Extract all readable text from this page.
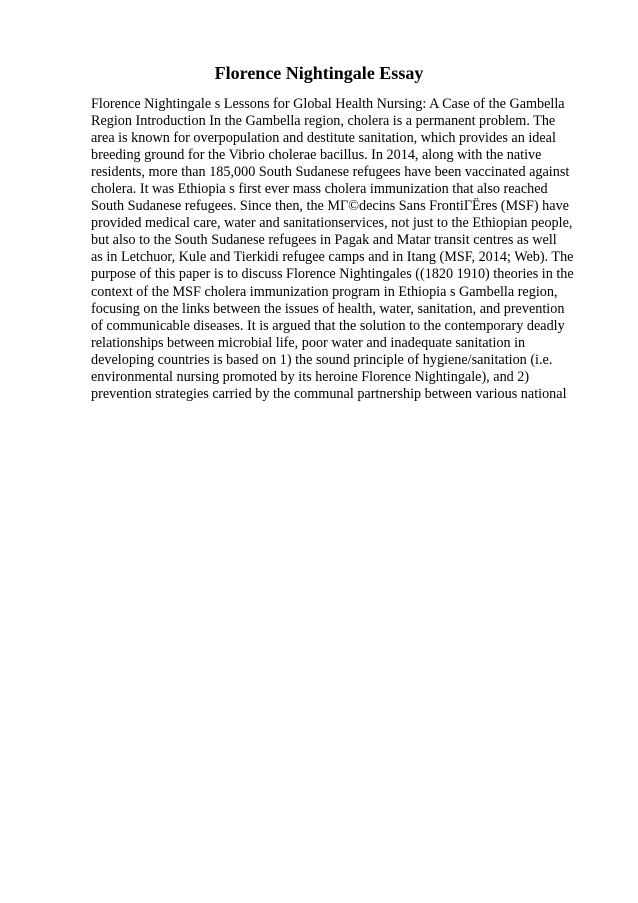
Florence Nightingale Essay
Florence Nightingale s Lessons for Global Health Nursing: A Case of the Gambella
Region Introduction In the Gambella region, cholera is a permanent problem. The
area is known for overpopulation and destitute sanitation, which provides an ideal
breeding ground for the Vibrio cholerae bacillus. In 2014, along with the native
residents, more than 185,000 South Sudanese refugees have been vaccinated against
cholera. It was Ethiopia s first ever mass cholera immunization that also reached
South Sudanese refugees. Since then, the MГ©decins Sans FrontiГЁres (MSF) have
provided medical care, water and sanitationservices, not just to the Ethiopian people,
but also to the South Sudanese refugees in Pagak and Matar transit centres as well
as in Letchuor, Kule and Tierkidi refugee camps and in Itang (MSF, 2014; Web). The
purpose of this paper is to discuss Florence Nightingales ((1820 1910) theories in the
context of the MSF cholera immunization program in Ethiopia s Gambella region,
focusing on the links between the issues of health, water, sanitation, and prevention
of communicable diseases. It is argued that the solution to the contemporary deadly
relationships between microbial life, poor water and inadequate sanitation in
developing countries is based on 1) the sound principle of hygiene/sanitation (i.e.
environmental nursing promoted by its heroine Florence Nightingale), and 2)
prevention strategies carried by the communal partnership between various national
